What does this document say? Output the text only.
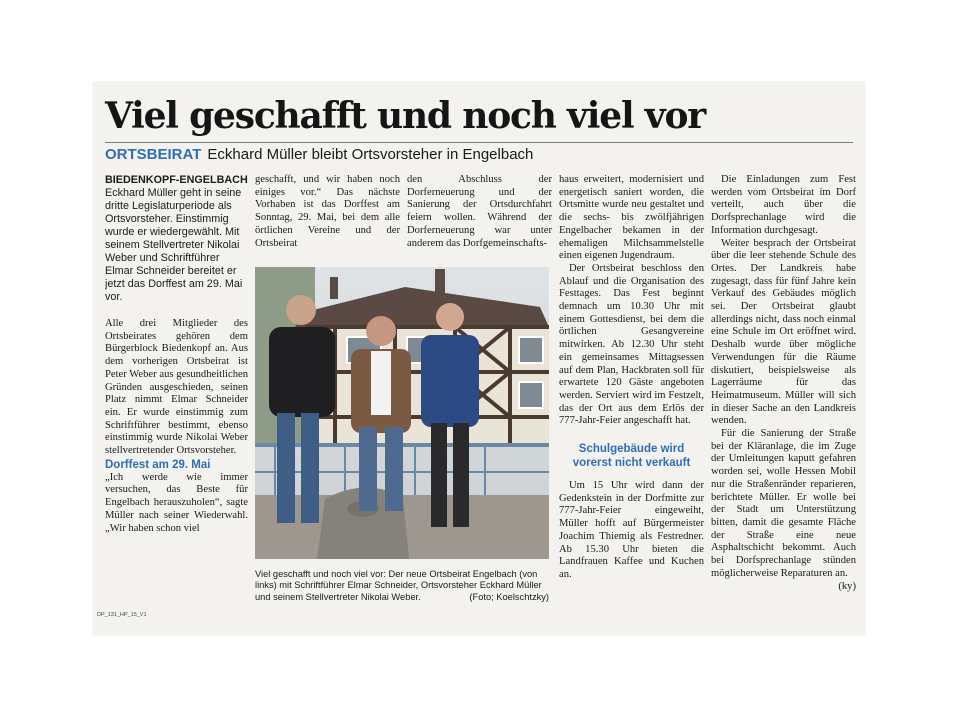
Viel geschafft und noch viel vor
ORTSBEIRAT Eckhard Müller bleibt Ortsvorsteher in Engelbach
BIEDENKOPF-ENGELBACH
Eckhard Müller geht in seine dritte Legislaturperiode als Ortsvorsteher. Einstimmig wurde er wiedergewählt. Mit seinem Stellvertreter Nikolai Weber und Schriftführer Elmar Schneider bereitet er jetzt das Dorffest am 29. Mai vor.

Alle drei Mitglieder des Ortsbeirates gehören dem Bürgerblock Biedenkopf an. Aus dem vorherigen Ortsbeirat ist Peter Weber aus gesundheitlichen Gründen ausgeschieden, seinen Platz nimmt Elmar Schneider ein. Er wurde einstimmig zum Schriftführer bestimmt, ebenso einstimmig wurde Nikolai Weber stellvertretender Ortsvorsteher.

Dorffest am 29. Mai

„Ich werde wie immer versuchen, das Beste für Engelbach herauszuholen“, sagte Müller nach seiner Wiederwahl. „Wir haben schon viel

geschafft, und wir haben noch einiges vor.“ Das nächste Vorhaben ist das Dorffest am Sonntag, 29. Mai, bei dem alle örtlichen Vereine und der Ortsbeirat

den Abschluss der Dorferneuerung und der Sanierung der Ortsdurchfahrt feiern wollen. Während der Dorferneuerung war unter anderem das Dorfgemeinschafts-

Viel geschafft und noch viel vor: Der neue Ortsbeirat Engelbach (von links) mit Schriftführer Elmar Schneider, Ortsvorsteher Eckhard Müller und seinem Stellvertreter Nikolai Weber.	(Foto; Koelschtzky)

haus erweitert, modernisiert und energetisch saniert worden, die Ortsmitte wurde neu gestaltet und die sechs- bis zwölfjährigen Engelbacher bekamen in der ehemaligen Milchsammelstelle einen eigenen Jugendraum.

Der Ortsbeirat beschloss den Ablauf und die Organisation des Festtages. Das Fest beginnt demnach um 10.30 Uhr mit einem Gottesdienst, bei dem die örtlichen Gesangvereine mitwirken. Ab 12.30 Uhr steht ein gemeinsames Mittagsessen auf dem Plan, Hackbraten soll für erwartete 120 Gäste angeboten werden. Serviert wird im Festzelt, das der Ort aus dem Erlös der 777-Jahr-Feier angeschafft hat.

Schulgebäude wird vorerst nicht verkauft

Um 15 Uhr wird dann der Gedenkstein in der Dorfmitte zur 777-Jahr-Feier eingeweiht, Müller hofft auf Bürgermeister Joachim Thiemig als Festredner. Ab 15.30 Uhr bieten die Landfrauen Kaffee und Kuchen an.

Die Einladungen zum Fest werden vom Ortsbeirat im Dorf verteilt, auch über die Dorfsprechanlage wird die Information durchgesagt.

Weiter besprach der Ortsbeirat über die leer stehende Schule des Ortes. Der Landkreis habe zugesagt, dass für fünf Jahre kein Verkauf des Gebäudes möglich sei. Der Ortsbeirat glaubt allerdings nicht, dass noch einmal eine Schule im Ort eröffnet wird. Deshalb wurde über mögliche Verwendungen für die Räume diskutiert, beispielsweise als Lagerräume für das Heimatmuseum. Müller will sich in dieser Sache an den Landkreis wenden.

Für die Sanierung der Straße bei der Kläranlage, die im Zuge der Umleitungen kaputt gefahren worden sei, wolle Hessen Mobil nur die Straßenränder reparieren, berichtete Müller. Er wolle bei der Stadt um Unterstützung bitten, damit die gesamte Fläche der Straße eine neue Asphaltschicht bekommt. Auch bei Dorfsprechanlage stünden möglicherweise Reparaturen an.
(ky)

DP_131_HP_15_V1
